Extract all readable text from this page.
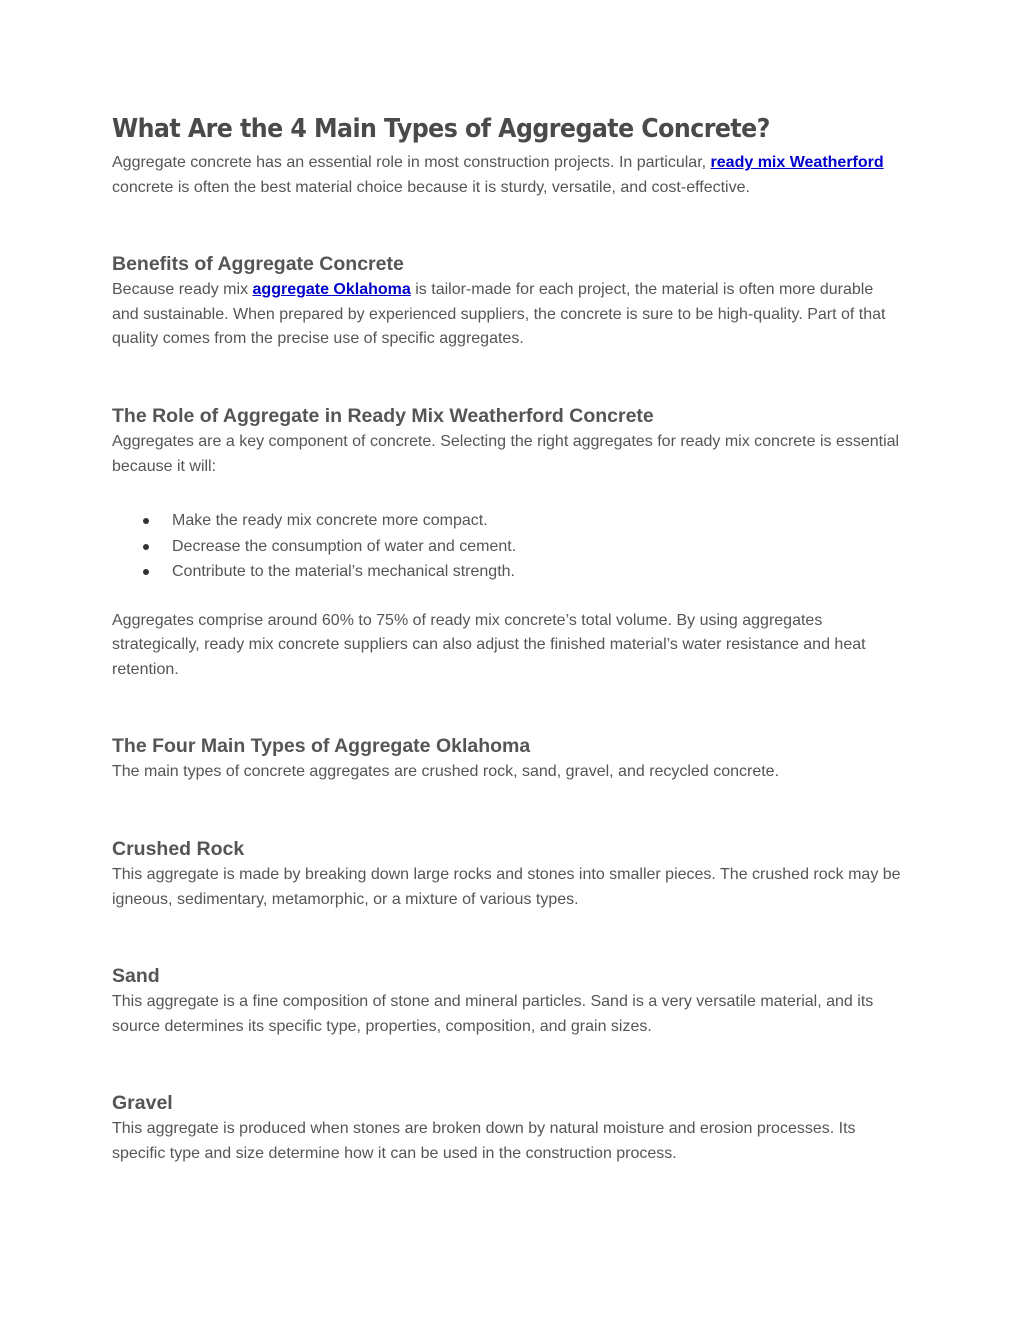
What Are the 4 Main Types of Aggregate Concrete?

Aggregate concrete has an essential role in most construction projects. In particular, ready mix Weatherford concrete is often the best material choice because it is sturdy, versatile, and cost-effective.

Benefits of Aggregate Concrete

Because ready mix aggregate Oklahoma is tailor-made for each project, the material is often more durable and sustainable. When prepared by experienced suppliers, the concrete is sure to be high-quality. Part of that quality comes from the precise use of specific aggregates.

The Role of Aggregate in Ready Mix Weatherford Concrete

Aggregates are a key component of concrete. Selecting the right aggregates for ready mix concrete is essential because it will:

Make the ready mix concrete more compact.
Decrease the consumption of water and cement.
Contribute to the material’s mechanical strength.

Aggregates comprise around 60% to 75% of ready mix concrete’s total volume. By using aggregates strategically, ready mix concrete suppliers can also adjust the finished material’s water resistance and heat retention.

The Four Main Types of Aggregate Oklahoma

The main types of concrete aggregates are crushed rock, sand, gravel, and recycled concrete.

Crushed Rock

This aggregate is made by breaking down large rocks and stones into smaller pieces. The crushed rock may be igneous, sedimentary, metamorphic, or a mixture of various types.

Sand

This aggregate is a fine composition of stone and mineral particles. Sand is a very versatile material, and its source determines its specific type, properties, composition, and grain sizes.

Gravel

This aggregate is produced when stones are broken down by natural moisture and erosion processes. Its specific type and size determine how it can be used in the construction process.
